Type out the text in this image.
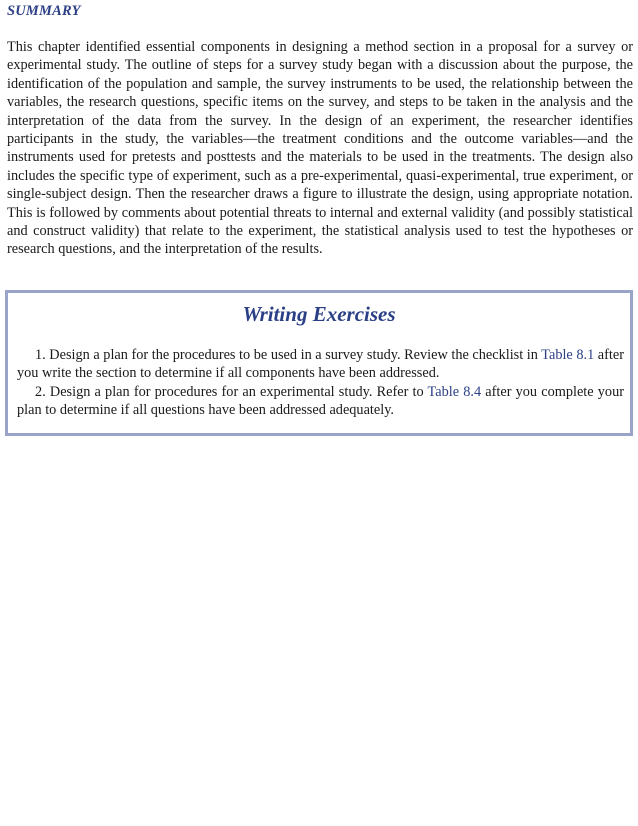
SUMMARY

This chapter identified essential components in designing a method section in a proposal for a survey or experimental study. The outline of steps for a survey study began with a discussion about the purpose, the identification of the population and sample, the survey instruments to be used, the relationship between the variables, the research questions, specific items on the survey, and steps to be taken in the analysis and the interpretation of the data from the survey. In the design of an experiment, the researcher identifies participants in the study, the variables—the treatment conditions and the outcome variables—and the instruments used for pretests and posttests and the materials to be used in the treatments. The design also includes the specific type of experiment, such as a pre-experimental, quasi-experimental, true experiment, or single-subject design. Then the researcher draws a figure to illustrate the design, using appropriate notation. This is followed by comments about potential threats to internal and external validity (and possibly statistical and construct validity) that relate to the experiment, the statistical analysis used to test the hypotheses or research questions, and the interpretation of the results.

Writing Exercises

1. Design a plan for the procedures to be used in a survey study. Review the checklist in Table 8.1 after you write the section to determine if all components have been addressed.

2. Design a plan for procedures for an experimental study. Refer to Table 8.4 after you complete your plan to determine if all questions have been addressed adequately.
